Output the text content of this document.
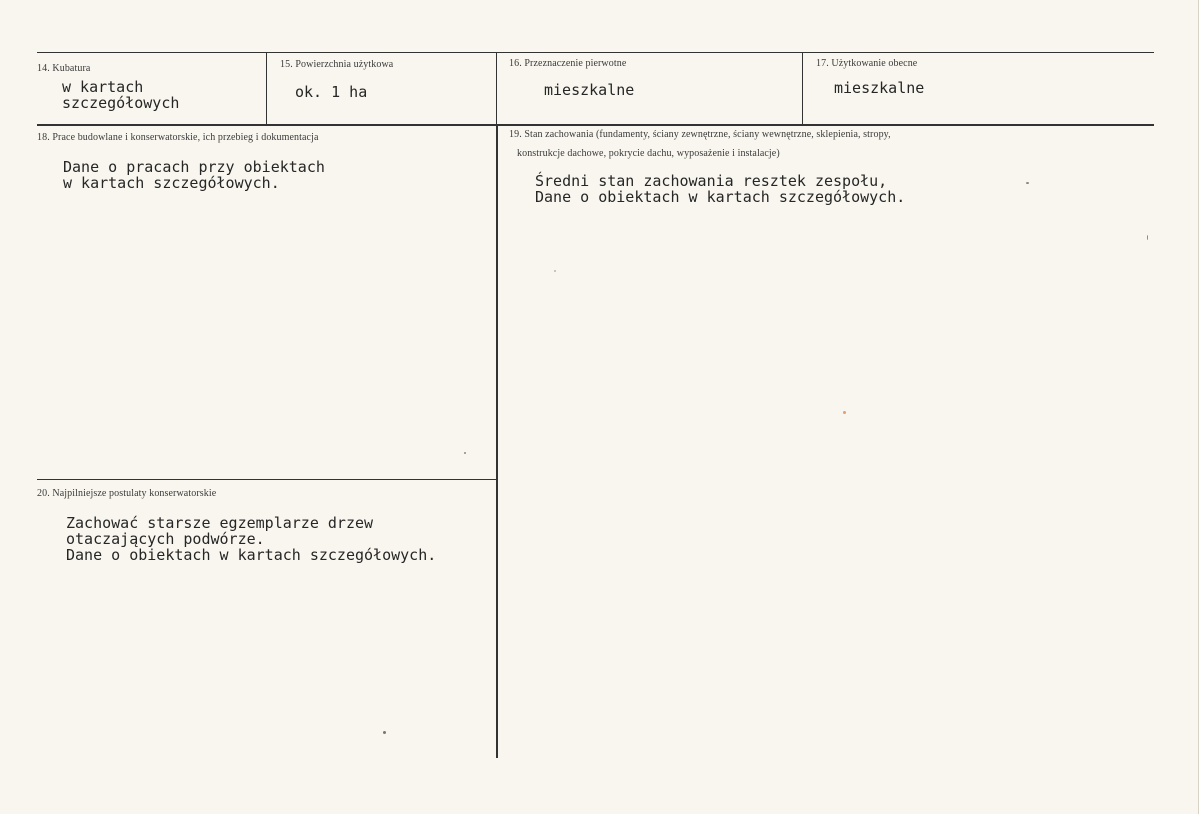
14. Kubatura
w kartach
szczegółowych
15. Powierzchnia użytkowa
ok. 1 ha
16. Przeznaczenie pierwotne
mieszkalne
17. Użytkowanie obecne
mieszkalne
18. Prace budowlane i konserwatorskie, ich przebieg i dokumentacja
Dane o pracach przy obiektach
w kartach szczegółowych.
19. Stan zachowania (fundamenty, ściany zewnętrzne, ściany wewnętrzne, sklepienia, stropy,
konstrukcje dachowe, pokrycie dachu, wyposażenie i instalacje)
Średni stan zachowania resztek zespołu,
Dane o obiektach w kartach szczegółowych.
20. Najpilniejsze postulaty konserwatorskie
Zachować starsze egzemplarze drzew
otaczających podwórze.
Dane o obiektach w kartach szczegółowych.
